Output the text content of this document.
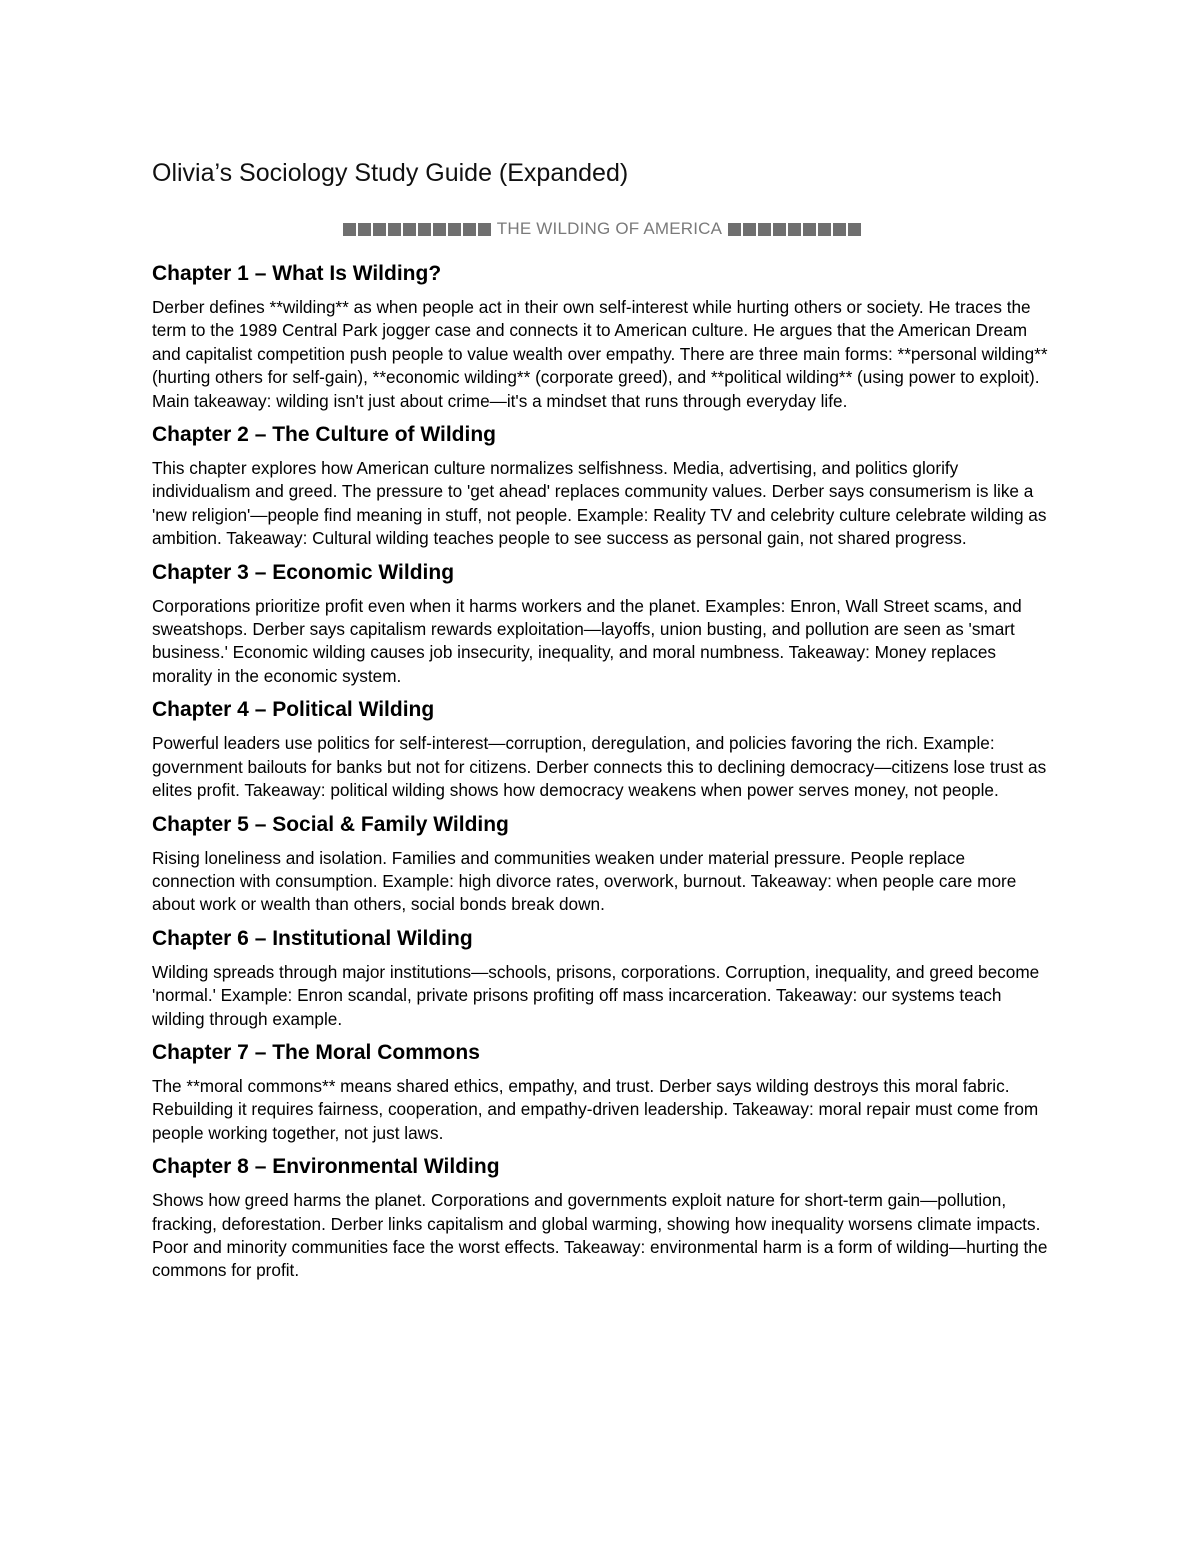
Olivia’s Sociology Study Guide (Expanded)
THE WILDING OF AMERICA
Chapter 1 – What Is Wilding?

Derber defines **wilding** as when people act in their own self-interest while hurting others or society. He traces the term to the 1989 Central Park jogger case and connects it to American culture. He argues that the American Dream and capitalist competition push people to value wealth over empathy. There are three main forms: **personal wilding** (hurting others for self-gain), **economic wilding** (corporate greed), and **political wilding** (using power to exploit). Main takeaway: wilding isn't just about crime—it's a mindset that runs through everyday life.

Chapter 2 – The Culture of Wilding

This chapter explores how American culture normalizes selfishness. Media, advertising, and politics glorify individualism and greed. The pressure to 'get ahead' replaces community values. Derber says consumerism is like a 'new religion'—people find meaning in stuff, not people. Example: Reality TV and celebrity culture celebrate wilding as ambition. Takeaway: Cultural wilding teaches people to see success as personal gain, not shared progress.

Chapter 3 – Economic Wilding

Corporations prioritize profit even when it harms workers and the planet. Examples: Enron, Wall Street scams, and sweatshops. Derber says capitalism rewards exploitation—layoffs, union busting, and pollution are seen as 'smart business.' Economic wilding causes job insecurity, inequality, and moral numbness. Takeaway: Money replaces morality in the economic system.

Chapter 4 – Political Wilding

Powerful leaders use politics for self-interest—corruption, deregulation, and policies favoring the rich. Example: government bailouts for banks but not for citizens. Derber connects this to declining democracy—citizens lose trust as elites profit. Takeaway: political wilding shows how democracy weakens when power serves money, not people.

Chapter 5 – Social & Family Wilding

Rising loneliness and isolation. Families and communities weaken under material pressure. People replace connection with consumption. Example: high divorce rates, overwork, burnout. Takeaway: when people care more about work or wealth than others, social bonds break down.

Chapter 6 – Institutional Wilding

Wilding spreads through major institutions—schools, prisons, corporations. Corruption, inequality, and greed become 'normal.' Example: Enron scandal, private prisons profiting off mass incarceration. Takeaway: our systems teach wilding through example.

Chapter 7 – The Moral Commons

The **moral commons** means shared ethics, empathy, and trust. Derber says wilding destroys this moral fabric. Rebuilding it requires fairness, cooperation, and empathy-driven leadership. Takeaway: moral repair must come from people working together, not just laws.

Chapter 8 – Environmental Wilding

Shows how greed harms the planet. Corporations and governments exploit nature for short-term gain—pollution, fracking, deforestation. Derber links capitalism and global warming, showing how inequality worsens climate impacts. Poor and minority communities face the worst effects. Takeaway: environmental harm is a form of wilding—hurting the commons for profit.
